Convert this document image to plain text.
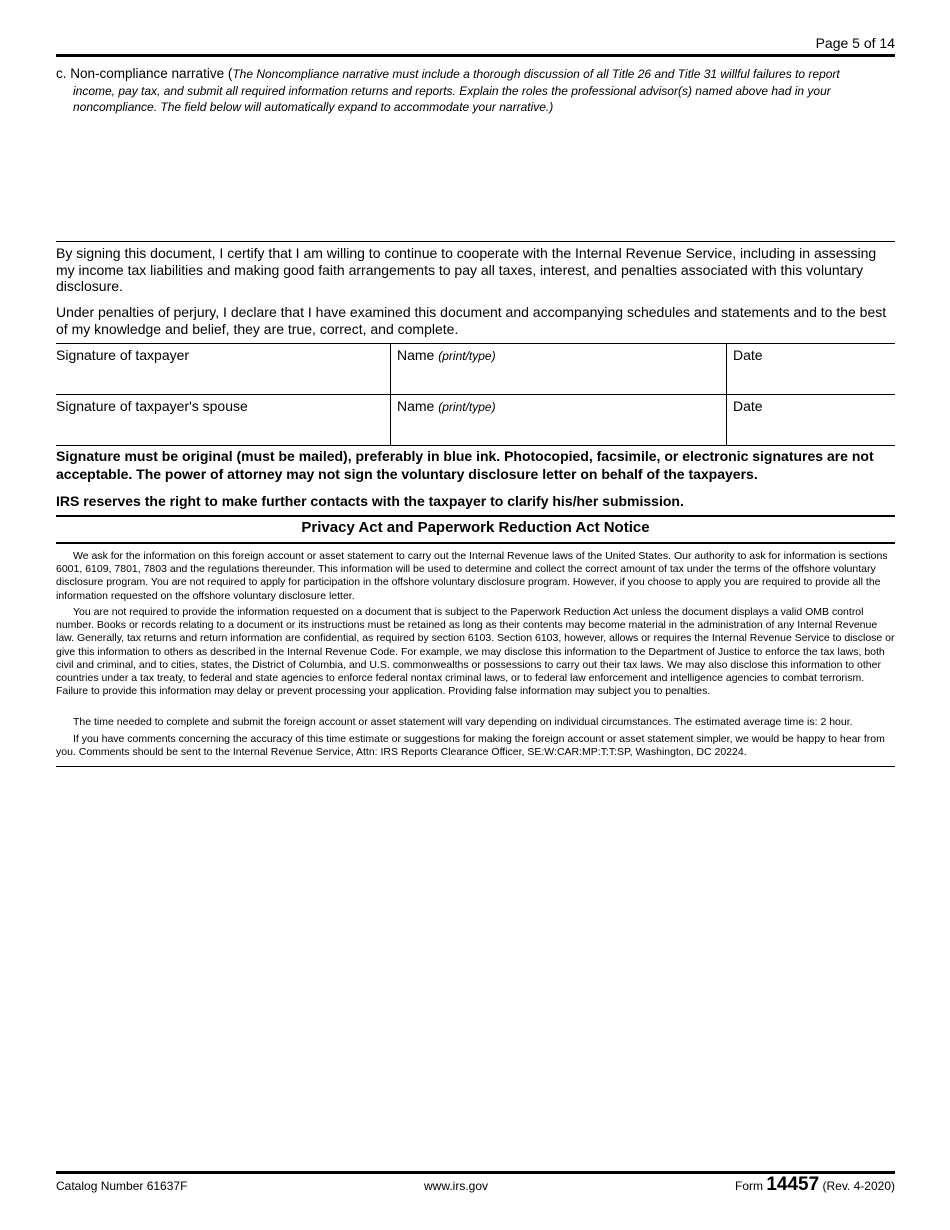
Page 5 of 14
c. Non-compliance narrative (The Noncompliance narrative must include a thorough discussion of all Title 26 and Title 31 willful failures to report
income, pay tax, and submit all required information returns and reports. Explain the roles the professional advisor(s) named above had in your
noncompliance. The field below will automatically expand to accommodate your narrative.)
By signing this document, I certify that I am willing to continue to cooperate with the Internal Revenue Service, including in assessing my income tax liabilities and making good faith arrangements to pay all taxes, interest, and penalties associated with this voluntary disclosure.
Under penalties of perjury, I declare that I have examined this document and accompanying schedules and statements and to the best of my knowledge and belief, they are true, correct, and complete.
Signature of taxpayer	Name (print/type)	Date
Signature of taxpayer's spouse	Name (print/type)	Date
Signature must be original (must be mailed), preferably in blue ink. Photocopied, facsimile, or electronic signatures are not acceptable. The power of attorney may not sign the voluntary disclosure letter on behalf of the taxpayers.
IRS reserves the right to make further contacts with the taxpayer to clarify his/her submission.
Privacy Act and Paperwork Reduction Act Notice
We ask for the information on this foreign account or asset statement to carry out the Internal Revenue laws of the United States. Our authority to ask for information is sections 6001, 6109, 7801, 7803 and the regulations thereunder. This information will be used to determine and collect the correct amount of tax under the terms of the offshore voluntary disclosure program. You are not required to apply for participation in the offshore voluntary disclosure program. However, if you choose to apply you are required to provide all the information requested on the offshore voluntary disclosure letter.
You are not required to provide the information requested on a document that is subject to the Paperwork Reduction Act unless the document displays a valid OMB control number. Books or records relating to a document or its instructions must be retained as long as their contents may become material in the administration of any Internal Revenue law. Generally, tax returns and return information are confidential, as required by section 6103. Section 6103, however, allows or requires the Internal Revenue Service to disclose or give this information to others as described in the Internal Revenue Code. For example, we may disclose this information to the Department of Justice to enforce the tax laws, both civil and criminal, and to cities, states, the District of Columbia, and U.S. commonwealths or possessions to carry out their tax laws. We may also disclose this information to other countries under a tax treaty, to federal and state agencies to enforce federal nontax criminal laws, or to federal law enforcement and intelligence agencies to combat terrorism. Failure to provide this information may delay or prevent processing your application. Providing false information may subject you to penalties.
The time needed to complete and submit the foreign account or asset statement will vary depending on individual circumstances. The estimated average time is: 2 hour.
If you have comments concerning the accuracy of this time estimate or suggestions for making the foreign account or asset statement simpler, we would be happy to hear from you. Comments should be sent to the Internal Revenue Service, Attn: IRS Reports Clearance Officer, SE:W:CAR:MP:T:T:SP, Washington, DC 20224.
Catalog Number 61637F	www.irs.gov	Form 14457 (Rev. 4-2020)
